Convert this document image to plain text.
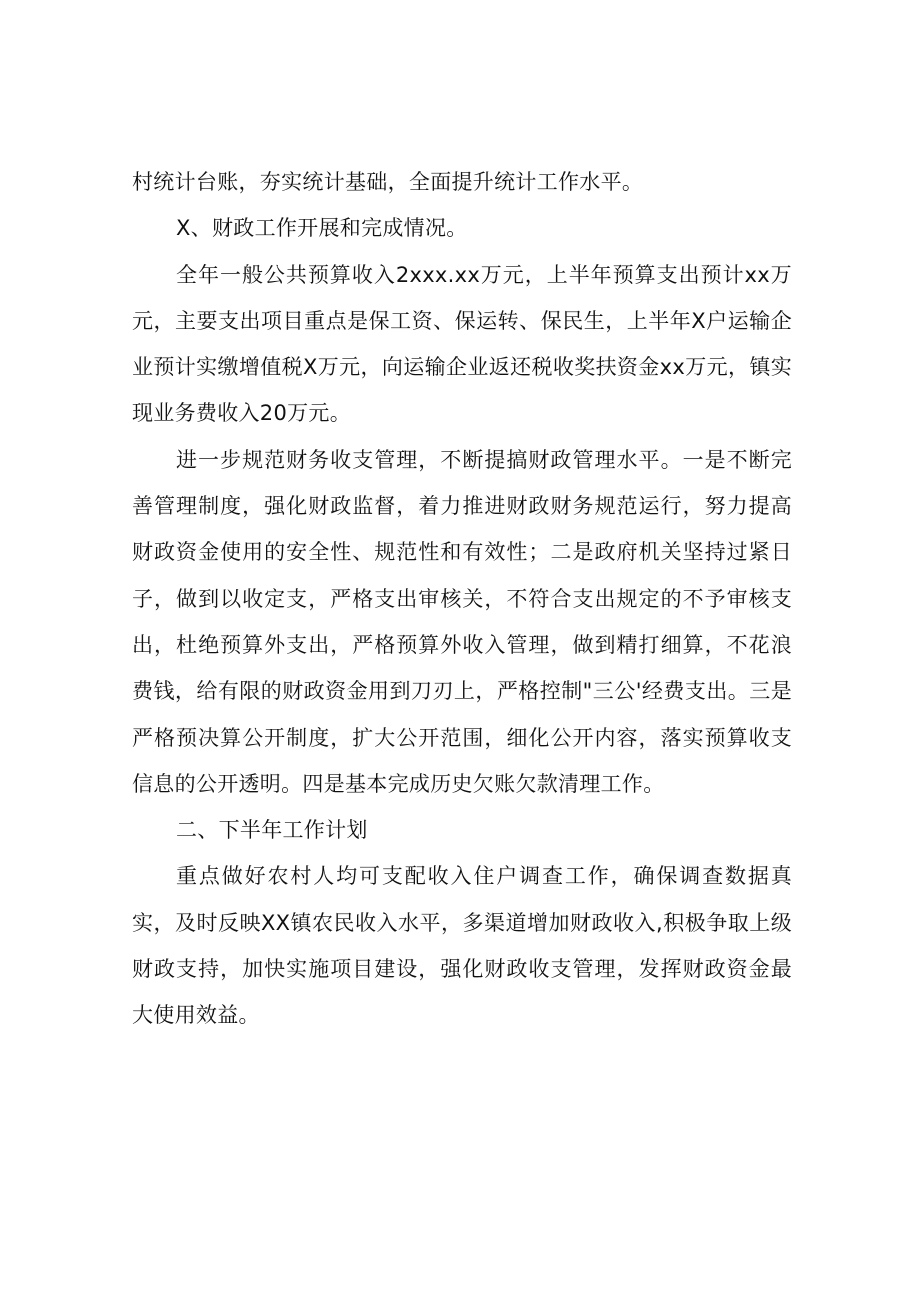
村统计台账，夯实统计基础，全面提升统计工作水平。

X、财政工作开展和完成情况。

全年一般公共预算收入2xxx.xx万元，上半年预算支出预计xx万元，主要支出项目重点是保工资、保运转、保民生，上半年X户运输企业预计实缴增值税X万元，向运输企业返还税收奖扶资金xx万元，镇实现业务费收入20万元。

进一步规范财务收支管理，不断提搞财政管理水平。一是不断完善管理制度，强化财政监督，着力推进财政财务规范运行，努力提高财政资金使用的安全性、规范性和有效性；二是政府机关坚持过紧日子，做到以收定支，严格支出审核关，不符合支出规定的不予审核支出，杜绝预算外支出，严格预算外收入管理，做到精打细算，不花浪费钱，给有限的财政资金用到刀刃上，严格控制"三公'经费支出。三是严格预决算公开制度，扩大公开范围，细化公开内容，落实预算收支信息的公开透明。四是基本完成历史欠账欠款清理工作。

二、下半年工作计划

重点做好农村人均可支配收入住户调查工作，确保调查数据真实，及时反映XX镇农民收入水平，多渠道增加财政收入,积极争取上级财政支持，加快实施项目建设，强化财政收支管理，发挥财政资金最大使用效益。
